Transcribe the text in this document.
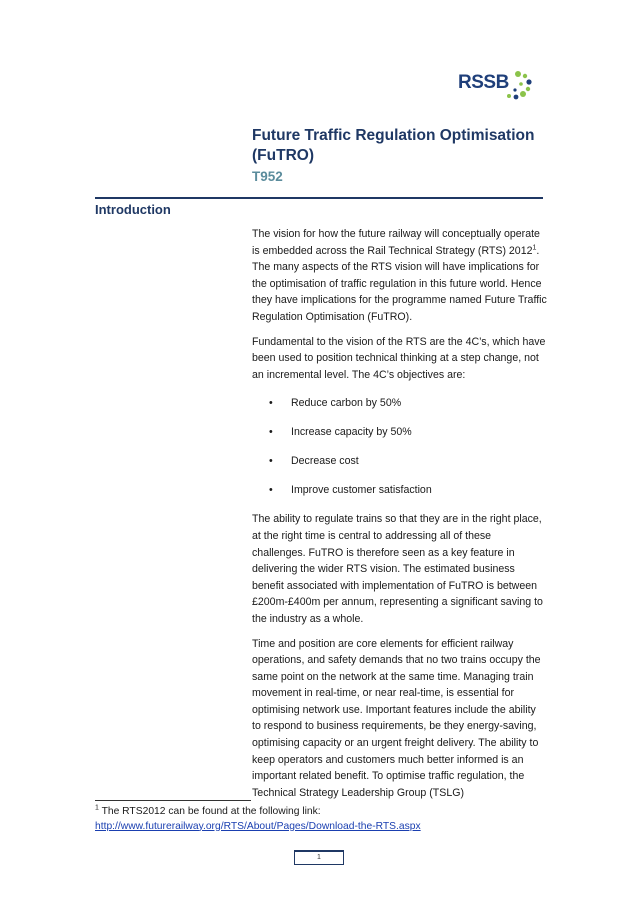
RSSB
Future Traffic Regulation Optimisation
(FuTRO)
T952
Introduction

The vision for how the future railway will conceptually operate is embedded across the Rail Technical Strategy (RTS) 2012$^1$. The many aspects of the RTS vision will have implications for the optimisation of traffic regulation in this future world. Hence they have implications for the programme named Future Traffic Regulation Optimisation (FuTRO).

Fundamental to the vision of the RTS are the 4C’s, which have been used to position technical thinking at a step change, not an incremental level. The 4C’s objectives are:

• Reduce carbon by 50%
• Increase capacity by 50%
• Decrease cost
• Improve customer satisfaction

The ability to regulate trains so that they are in the right place, at the right time is central to addressing all of these challenges. FuTRO is therefore seen as a key feature in delivering the wider RTS vision. The estimated business benefit associated with implementation of FuTRO is between £200m-£400m per annum, representing a significant saving to the industry as a whole.

Time and position are core elements for efficient railway operations, and safety demands that no two trains occupy the same point on the network at the same time. Managing train movement in real-time, or near real-time, is essential for optimising network use. Important features include the ability to respond to business requirements, be they energy-saving, optimising capacity or an urgent freight delivery. The ability to keep operators and customers much better informed is an important related benefit. To optimise traffic regulation, the Technical Strategy Leadership Group (TSLG)

$^1$ The RTS2012 can be found at the following link:
http://www.futurerailway.org/RTS/About/Pages/Download-the-RTS.aspx
1
